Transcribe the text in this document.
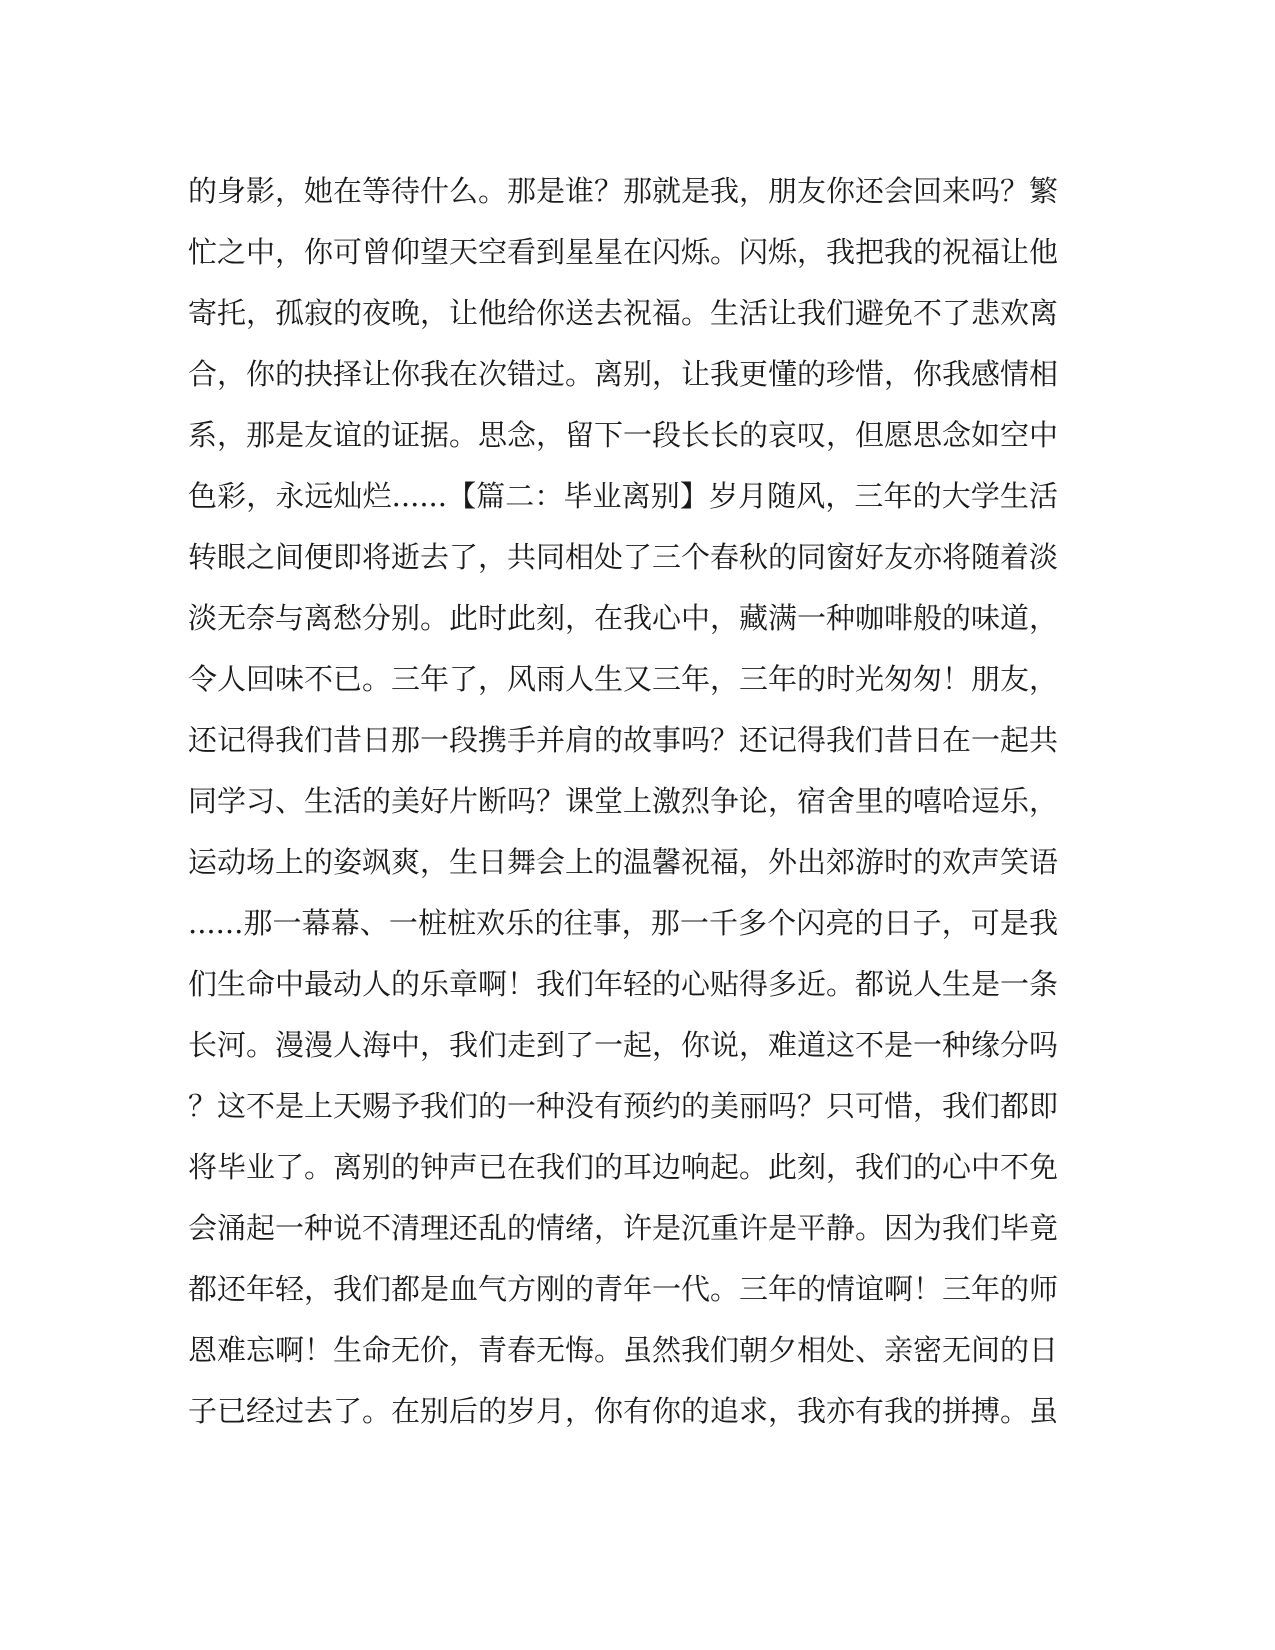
的身影，她在等待什么。那是谁？那就是我，朋友你还会回来吗？繁
忙之中，你可曾仰望天空看到星星在闪烁。闪烁，我把我的祝福让他
寄托，孤寂的夜晚，让他给你送去祝福。生活让我们避免不了悲欢离
合，你的抉择让你我在次错过。离别，让我更懂的珍惜，你我感情相
系，那是友谊的证据。思念，留下一段长长的哀叹，但愿思念如空中
色彩，永远灿烂......【篇二：毕业离别】岁月随风，三年的大学生活
转眼之间便即将逝去了，共同相处了三个春秋的同窗好友亦将随着淡
淡无奈与离愁分别。此时此刻，在我心中，藏满一种咖啡般的味道，
令人回味不已。三年了，风雨人生又三年，三年的时光匆匆！朋友，
还记得我们昔日那一段携手并肩的故事吗？还记得我们昔日在一起共
同学习、生活的美好片断吗？课堂上激烈争论，宿舍里的嘻哈逗乐，
运动场上的姿飒爽，生日舞会上的温馨祝福，外出郊游时的欢声笑语
......那一幕幕、一桩桩欢乐的往事，那一千多个闪亮的日子，可是我
们生命中最动人的乐章啊！我们年轻的心贴得多近。都说人生是一条
长河。漫漫人海中，我们走到了一起，你说，难道这不是一种缘分吗
？这不是上天赐予我们的一种没有预约的美丽吗？只可惜，我们都即
将毕业了。离别的钟声已在我们的耳边响起。此刻，我们的心中不免
会涌起一种说不清理还乱的情绪，许是沉重许是平静。因为我们毕竟
都还年轻，我们都是血气方刚的青年一代。三年的情谊啊！三年的师
恩难忘啊！生命无价，青春无悔。虽然我们朝夕相处、亲密无间的日
子已经过去了。在别后的岁月，你有你的追求，我亦有我的拼搏。虽
